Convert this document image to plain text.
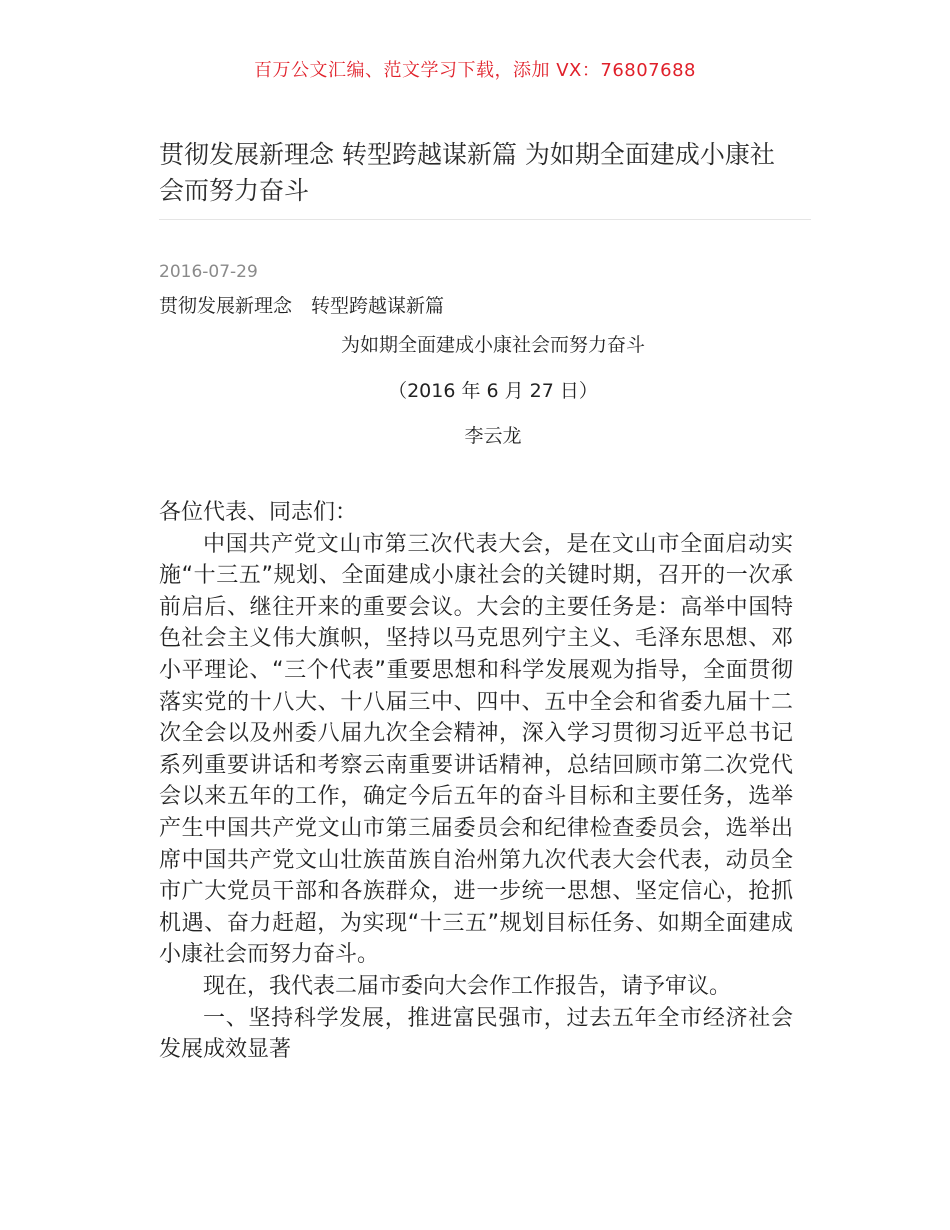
百万公文汇编、范文学习下载，添加 VX：76807688
贯彻发展新理念 转型跨越谋新篇 为如期全面建成小康社会而努力奋斗
2016-07-29
贯彻发展新理念　转型跨越谋新篇
为如期全面建成小康社会而努力奋斗
（2016 年 6 月 27 日）
李云龙

各位代表、同志们：

中国共产党文山市第三次代表大会，是在文山市全面启动实施“十三五”规划、全面建成小康社会的关键时期，召开的一次承前启后、继往开来的重要会议。大会的主要任务是：高举中国特色社会主义伟大旗帜，坚持以马克思列宁主义、毛泽东思想、邓小平理论、“三个代表”重要思想和科学发展观为指导，全面贯彻落实党的十八大、十八届三中、四中、五中全会和省委九届十二次全会以及州委八届九次全会精神，深入学习贯彻习近平总书记系列重要讲话和考察云南重要讲话精神，总结回顾市第二次党代会以来五年的工作，确定今后五年的奋斗目标和主要任务，选举产生中国共产党文山市第三届委员会和纪律检查委员会，选举出席中国共产党文山壮族苗族自治州第九次代表大会代表，动员全市广大党员干部和各族群众，进一步统一思想、坚定信心，抢抓机遇、奋力赶超，为实现“十三五”规划目标任务、如期全面建成小康社会而努力奋斗。

现在，我代表二届市委向大会作工作报告，请予审议。

一、坚持科学发展，推进富民强市，过去五年全市经济社会发展成效显著
